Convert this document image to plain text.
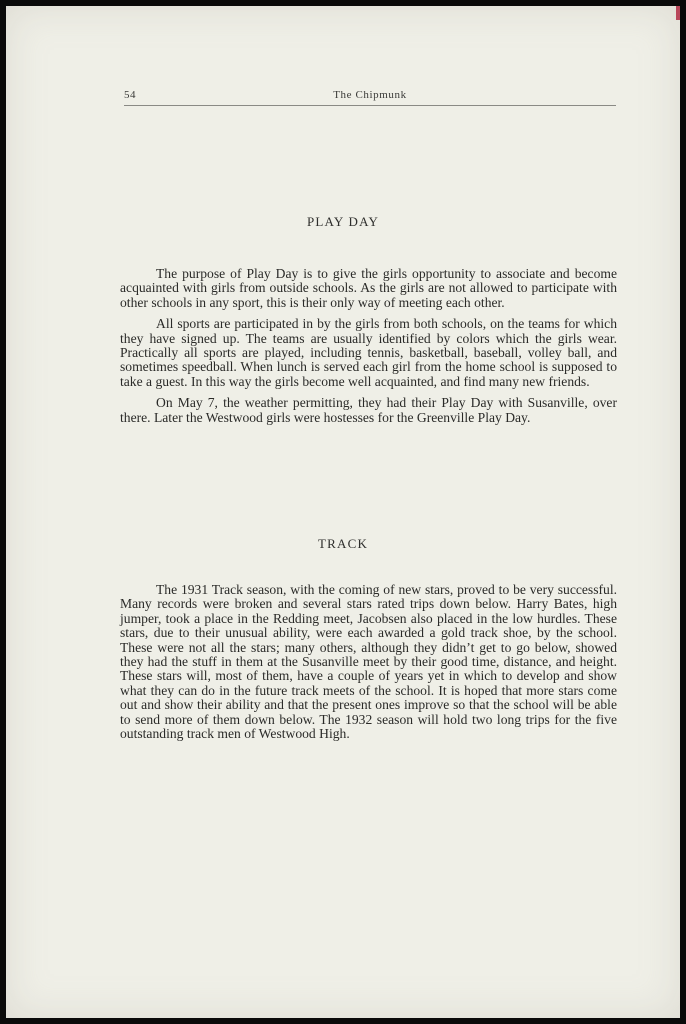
54	The Chipmunk
PLAY DAY

The purpose of Play Day is to give the girls opportunity to associate and become acquainted with girls from outside schools. As the girls are not allowed to participate with other schools in any sport, this is their only way of meeting each other.

All sports are participated in by the girls from both schools, on the teams for which they have signed up. The teams are usually identified by colors which the girls wear. Practically all sports are played, including tennis, basketball, baseball, volley ball, and sometimes speedball. When lunch is served each girl from the home school is supposed to take a guest. In this way the girls become well acquainted, and find many new friends.

On May 7, the weather permitting, they had their Play Day with Susanville, over there. Later the Westwood girls were hostesses for the Greenville Play Day.

TRACK

The 1931 Track season, with the coming of new stars, proved to be very successful. Many records were broken and several stars rated trips down below. Harry Bates, high jumper, took a place in the Redding meet, Jacobsen also placed in the low hurdles. These stars, due to their unusual ability, were each awarded a gold track shoe, by the school. These were not all the stars; many others, although they didn’t get to go below, showed they had the stuff in them at the Susanville meet by their good time, distance, and height. These stars will, most of them, have a couple of years yet in which to develop and show what they can do in the future track meets of the school. It is hoped that more stars come out and show their ability and that the present ones improve so that the school will be able to send more of them down below. The 1932 season will hold two long trips for the five outstanding track men of Westwood High.
